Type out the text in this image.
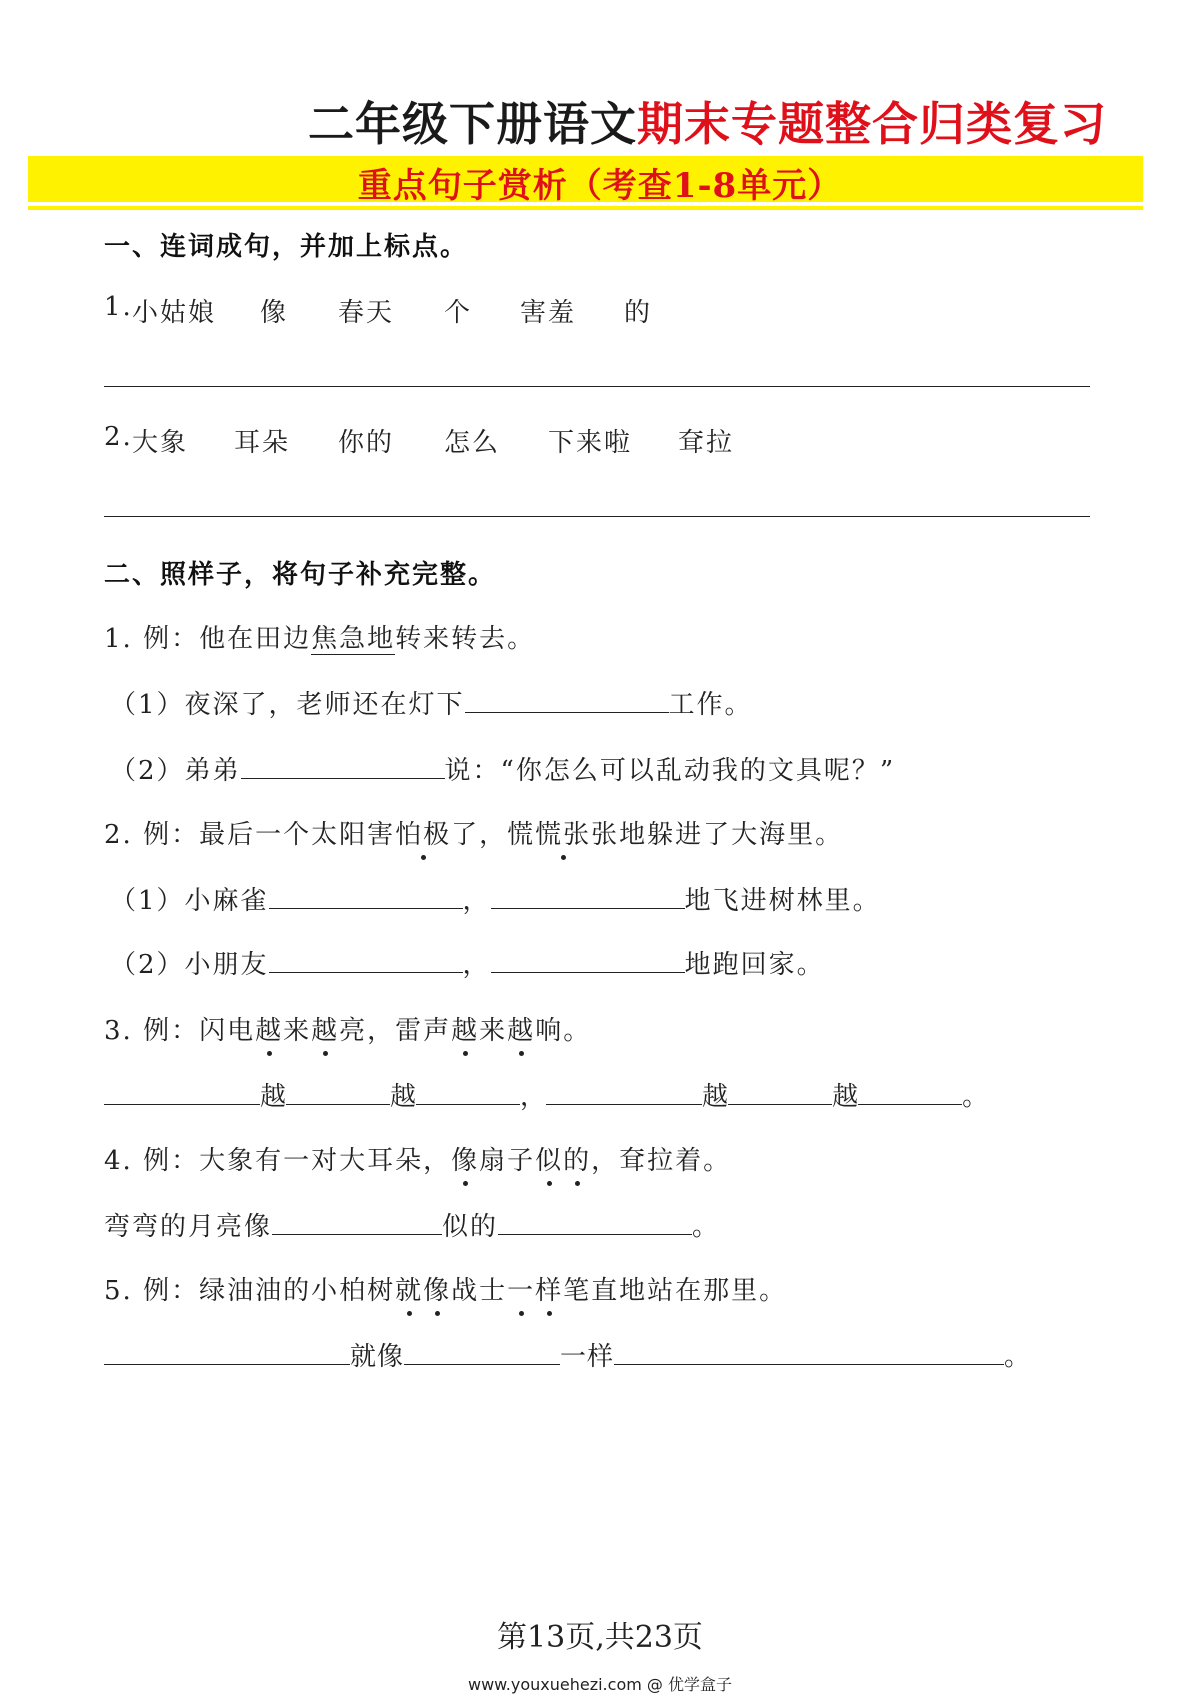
二年级下册语文期末专题整合归类复习
重点句子赏析（考查1-8单元）
一、连词成句，并加上标点。
1. 小姑娘 像 春天 个 害羞 的
2. 大象 耳朵 你的 怎么 下来啦 耷拉
二、照样子，将句子补充完整。
1. 例：他在田边焦急地转来转去。
（1）夜深了，老师还在灯下	工作。
（2）弟弟	说：“你怎么可以乱动我的文具呢？”
2. 例：最后一个太阳害怕极了，慌慌张张地躲进了大海里。
（1）小麻雀	，	地飞进树林里。
（2）小朋友	，	地跑回家。
3. 例：闪电越来越亮，雷声越来越响。
越	越	，	越	越	。
4. 例：大象有一对大耳朵，像扇子似的，耷拉着。
弯弯的月亮像	似的	。
5. 例：绿油油的小柏树就像战士一样笔直地站在那里。
就像	一样	。
第13页,共23页
www.youxuehezi.com @ 优学盒子
